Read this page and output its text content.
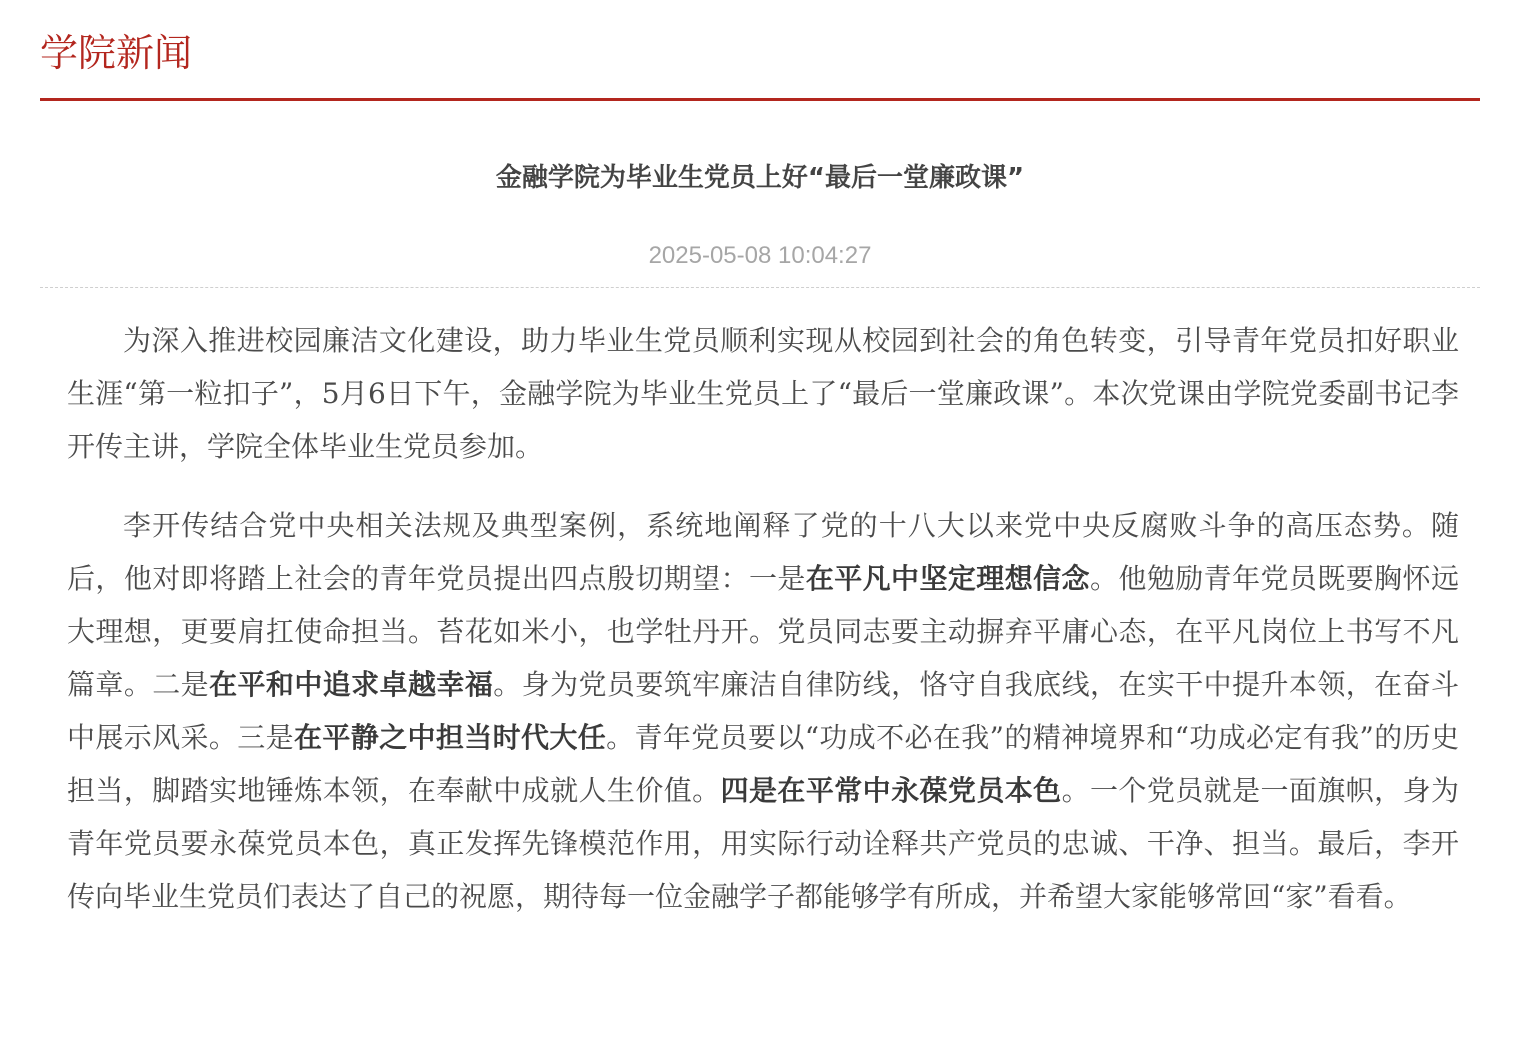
学院新闻
金融学院为毕业生党员上好“最后一堂廉政课”
2025-05-08 10:04:27

为深入推进校园廉洁文化建设，助力毕业生党员顺利实现从校园到社会的角色转变，引导青年党员扣好职业生涯“第一粒扣子”，5月6日下午，金融学院为毕业生党员上了“最后一堂廉政课”。本次党课由学院党委副书记李开传主讲，学院全体毕业生党员参加。

李开传结合党中央相关法规及典型案例，系统地阐释了党的十八大以来党中央反腐败斗争的高压态势。随后，他对即将踏上社会的青年党员提出四点殷切期望：一是在平凡中坚定理想信念。他勉励青年党员既要胸怀远大理想，更要肩扛使命担当。苔花如米小，也学牡丹开。党员同志要主动摒弃平庸心态，在平凡岗位上书写不凡篇章。二是在平和中追求卓越幸福。身为党员要筑牢廉洁自律防线，恪守自我底线，在实干中提升本领，在奋斗中展示风采。三是在平静之中担当时代大任。青年党员要以“功成不必在我”的精神境界和“功成必定有我”的历史担当，脚踏实地锤炼本领，在奉献中成就人生价值。四是在平常中永葆党员本色。一个党员就是一面旗帜，身为青年党员要永葆党员本色，真正发挥先锋模范作用，用实际行动诠释共产党员的忠诚、干净、担当。最后，李开传向毕业生党员们表达了自己的祝愿，期待每一位金融学子都能够学有所成，并希望大家能够常回“家”看看。
